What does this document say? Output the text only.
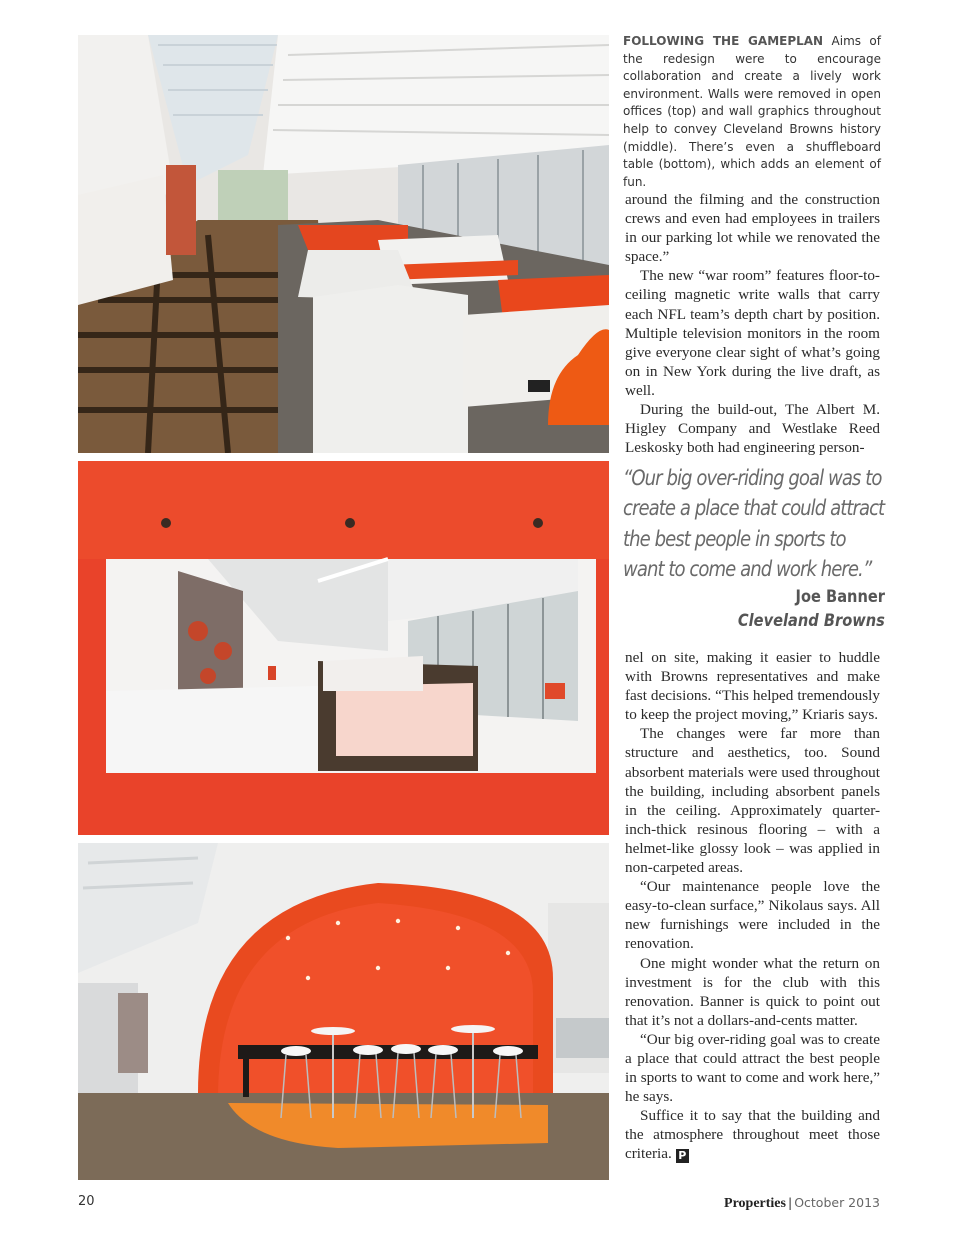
FOLLOWING THE GAMEPLAN Aims of the redesign were to encourage collaboration and create a lively work environment. Walls were removed in open offices (top) and wall graphics throughout help to convey Cleveland Browns history (middle). There’s even a shuffleboard table (bottom), which adds an element of fun.

around the filming and the construction crews and even had employees in trailers in our parking lot while we renovated the space.”

The new “war room” features floor-to-ceiling magnetic write walls that carry each NFL team’s depth chart by position. Multiple television monitors in the room give everyone clear sight of what’s going on in New York during the live draft, as well.

During the build-out, The Albert M. Higley Company and Westlake Reed Leskosky both had engineering person-

“Our big over-riding goal was to create a place that could attract the best people in sports to want to come and work here.”
Joe Banner
Cleveland Browns

nel on site, making it easier to huddle with Browns representatives and make fast decisions. “This helped tremendously to keep the project moving,” Kriaris says.

The changes were far more than structure and aesthetics, too. Sound absorbent materials were used throughout the building, including absorbent panels in the ceiling. Approximately quarter-inch-thick resinous flooring – with a helmet-like glossy look – was applied in non-carpeted areas.

“Our maintenance people love the easy-to-clean surface,” Nikolaus says. All new furnishings were included in the renovation.

One might wonder what the return on investment is for the club with this renovation. Banner is quick to point out that it’s not a dollars-and-cents matter.

“Our big over-riding goal was to create a place that could attract the best people in sports to want to come and work here,” he says.

Suffice it to say that the building and the atmosphere throughout meet those criteria. P

20	Properties | October 2013
